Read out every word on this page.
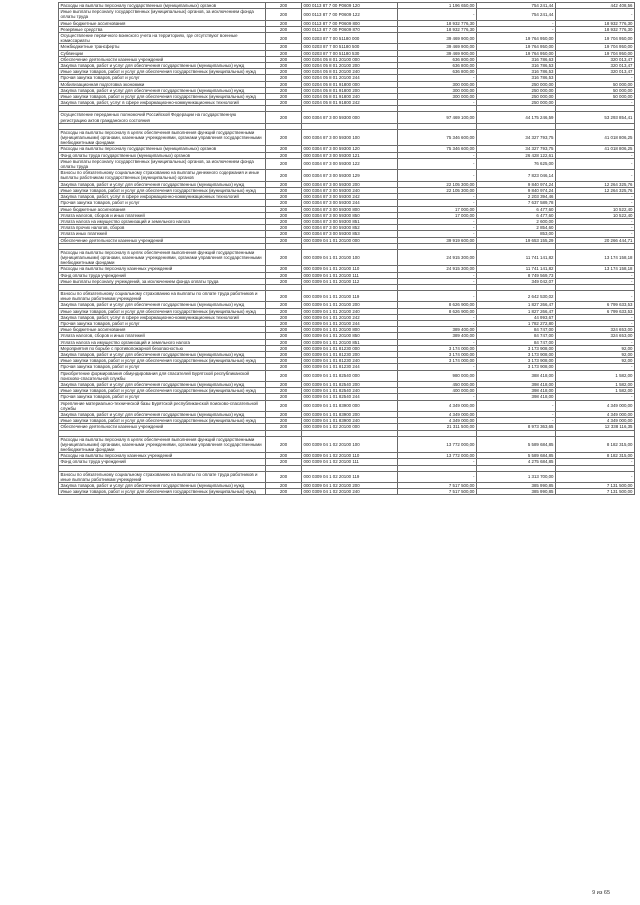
Расходы на выплаты персоналу государственных (муниципальных) органов	200	000 0113 87 7 00 Р0609 120	1 196 650,00	754 241,44	442 408,56
Иные выплаты персоналу государственных (муниципальных) органов, за исключением фонда оплаты труда	200	000 0113 87 7 00 Р0609 122	-	754 241,44	-
Иные бюджетные ассигнования	200	000 0113 87 7 00 Р0609 800	18 932 776,30	-	18 932 776,30
Резервные средства	200	000 0113 87 7 00 Р0609 870	18 932 776,30	-	18 932 776,30
Осуществление первичного воинского учета на территориях, где отсутствуют военные комиссариаты	200	000 0203 87 7 00 51180 000	39 469 900,00	19 764 950,00	19 704 950,00
Межбюджетные трансферты	200	000 0203 87 7 00 51180 500	39 469 900,00	19 764 950,00	19 704 950,00
Субвенции	200	000 0203 87 7 00 51180 530	39 469 900,00	19 764 950,00	19 704 950,00
Обеспечение деятельности казенных учреждений	200	000 0204 05 8 01 20100 000	636 800,00	316 786,63	320 013,47
Закупка товаров, работ и услуг для обеспечения государственных (муниципальных) нужд	200	000 0204 05 8 01 20100 200	636 800,00	316 786,53	320 013,47
Иные закупки товаров, работ и услуг для обеспечения государственных (муниципальных) нужд	200	000 0204 05 8 01 20100 240	636 800,00	316 786,53	320 013,47
Прочая закупка товаров, работ и услуг	200	000 0204 05 8 01 20100 244	-	316 786,53	-
Мобилизационная подготовка экономики	200	000 0204 05 8 01 91800 000	300 000,00	250 000,00	50 000,00
Закупка товаров, работ и услуг для обеспечения государственных (муниципальных) нужд	200	000 0204 05 8 01 91800 200	300 000,00	250 000,00	50 000,00
Иные закупки товаров, работ и услуг для обеспечения государственных (муниципальных) нужд	200	000 0204 05 8 01 91800 240	300 000,00	250 000,00	50 000,00
Закупка товаров, работ, услуг в сфере информационно-коммуникационных технологий	200	000 0204 05 8 01 91800 242	-	250 000,00	-

Осуществление переданных полномочий Российской Федерации на государственную регистрацию актов гражданского состояния	200	000 0304 87 3 00 59300 000	97 469 100,00	44 175 246,59	53 293 854,41

Расходы на выплаты персоналу в целях обеспечения выполнения функций государственными (муниципальными) органами, казенными учреждениями, органами управления государственными внебюджетными фондами	200	000 0304 87 3 00 59300 100	75 346 600,00	34 327 793,75	41 018 806,25
Расходы на выплаты персоналу государственных (муниципальных) органов	200	000 0304 87 3 00 59300 120	75 346 600,00	34 327 793,75	41 018 806,25
Фонд оплаты труда государственных (муниципальных) органов	200	000 0304 87 3 00 59300 121	-	26 428 122,61	-
Иные выплаты персоналу государственных (муниципальных) органов, за исключением фонда оплаты труда	200	000 0304 87 3 00 59300 122	-	76 625,00	-
Взносы по обязательному социальному страхованию на выплаты денежного содержания и иные выплаты работникам государственных (муниципальных) органов	200	000 0304 87 3 00 59300 129	-	7 823 046,14	-
Закупка товаров, работ и услуг для обеспечения государственных (муниципальных) нужд	200	000 0304 87 3 00 59300 200	22 105 300,00	9 840 974,24	12 264 325,76
Иные закупки товаров, работ и услуг для обеспечения государственных (муниципальных) нужд	200	000 0304 87 3 00 59300 240	22 105 300,00	9 840 974,24	12 264 325,76
Закупка товаров, работ, услуг в сфере информационно-коммуникационных технологий	200	000 0304 87 3 00 59300 242	-	2 203 394,46	-
Прочая закупка товаров, работ и услуг	200	000 0304 87 3 00 59300 244	-	7 637 589,78	-
Иные бюджетные ассигнования	200	000 0304 87 3 00 59300 800	17 000,00	6 477,60	10 522,40
Уплата налогов, сборов и иных платежей	200	000 0304 87 3 00 59300 850	17 000,00	6 477,60	10 522,40
Уплата налога на имущество организаций и земельного налога	200	000 0304 87 3 00 59300 851	-	2 600,00	-
Уплата прочих налогов, сборов	200	000 0304 87 3 00 59300 852	-	2 854,60	-
Уплата иных платежей	200	000 0304 87 3 00 59300 853	-	853,00	-
Обеспечение деятельности казенных учреждений	200	000 0309 04 1 01 20100 000	39 919 600,00	19 653 155,29	20 266 444,71

Расходы на выплаты персоналу в целях обеспечения выполнения функций государственными (муниципальными) органами, казенными учреждениями, органами управления государственными внебюджетными фондами	200	000 0309 04 1 01 20100 100	24 915 300,00	11 741 141,82	13 174 158,18
Расходы на выплаты персоналу казенных учреждений	200	000 0309 04 1 01 20100 110	24 915 300,00	11 741 141,82	13 174 158,18
Фонд оплаты труда учреждений	200	000 0309 04 1 01 20100 111	-	8 749 569,73	-
Иные выплаты персоналу учреждений, за исключением фонда оплаты труда	200	000 0309 04 1 01 20100 112	-	349 042,07	-

Взносы по обязательному социальному страхованию на выплаты по оплате труда работников и иные выплаты работникам учреждений	200	000 0309 04 1 01 20100 119	-	2 642 530,02	-
Закупка товаров, работ и услуг для обеспечения государственных (муниципальных) нужд	200	000 0309 04 1 01 20100 200	8 626 900,00	1 827 266,47	6 799 633,53
Иные закупки товаров, работ и услуг для обеспечения государственных (муниципальных) нужд	200	000 0309 04 1 01 20100 240	8 626 900,00	1 827 266,47	6 799 633,53
Закупка товаров, работ, услуг в сфере информационно-коммуникационных технологий	200	000 0309 04 1 01 20100 242	-	44 993,67	-
Прочая закупка товаров, работ и услуг	200	000 0309 04 1 01 20100 244	-	1 782 272,80	-
Иные бюджетные ассигнования	200	000 0309 04 1 01 20100 800	389 400,00	84 747,00	324 653,00
Уплата налогов, сборов и иных платежей	200	000 0309 04 1 01 20100 850	389 400,00	84 747,00	324 653,00
Уплата налога на имущество организаций и земельного налога	200	000 0309 04 1 01 20100 851	-	84 747,00	-
Мероприятия по борьбе с противопожарной безопасностью	200	000 0309 04 1 01 81230 000	3 174 000,00	3 173 908,00	92,00
Закупка товаров, работ и услуг для обеспечения государственных (муниципальных) нужд	200	000 0309 04 1 01 81230 200	3 174 000,00	3 173 908,00	92,00
Иные закупки товаров, работ и услуг для обеспечения государственных (муниципальных) нужд	200	000 0309 04 1 01 81230 240	3 174 000,00	3 173 908,00	92,00
Прочая закупка товаров, работ и услуг	200	000 0309 04 1 01 81230 244	-	3 173 908,00	-
Приобретение формирования обмундирования для спасателей Бурятской республиканской поисково-спасательной службы	200	000 0309 04 1 01 82540 000	980 000,00	388 418,00	1 582,00
Закупка товаров, работ и услуг для обеспечения государственных (муниципальных) нужд	200	000 0309 04 1 01 82540 200	450 000,00	398 418,00	1 582,00
Иные закупки товаров, работ и услуг для обеспечения государственных (муниципальных) нужд	200	000 0309 04 1 01 82540 240	400 000,00	398 418,00	1 582,00
Прочая закупка товаров, работ и услуг	200	000 0309 04 1 01 82540 244	-	398 418,00	-
Укрепление материально-технической базы Бурятской республиканской поисково-спасательной службы	200	000 0309 04 1 01 83900 000	4 349 000,00	-	4 349 000,00
Закупка товаров, работ и услуг для обеспечения государственных (муниципальных) нужд	200	000 0309 04 1 01 83900 200	4 349 000,00	-	4 349 000,00
Иные закупки товаров, работ и услуг для обеспечения государственных (муниципальных) нужд	200	000 0309 04 1 01 83900 240	4 349 000,00	-	4 349 000,00
Обеспечение деятельности казенных учреждений	200	000 0309 04 1 02 20100 000	21 311 500,00	8 973 363,65	12 338 116,35

Расходы на выплаты персоналу в целях обеспечения выполнения функций государственными (муниципальными) органами, казенными учреждениями, органами управления государственными внебюджетными фондами	200	000 0309 04 1 02 20100 100	13 772 000,00	5 589 684,85	8 182 315,00
Расходы на выплаты персоналу казенных учреждений	200	000 0309 04 1 02 20100 110	13 772 000,00	5 589 684,85	8 182 315,00
Фонд оплаты труда учреждений	200	000 0309 04 1 02 20100 111	-	4 275 684,85	-

Взносы по обязательному социальному страхованию на выплаты по оплате труда работников и иные выплаты работникам учреждений	200	000 0309 04 1 02 20100 119	-	1 313 700,00	-
Закупка товаров, работ и услуг для обеспечения государственных (муниципальных) нужд	200	000 0309 04 1 02 20100 200	7 517 500,00	385 990,85	7 131 500,00
Иные закупки товаров, работ и услуг для обеспечения государственных (муниципальных) нужд	200	000 0309 04 1 02 20100 240	7 517 500,00	385 990,85	7 131 500,00
9 из 65
